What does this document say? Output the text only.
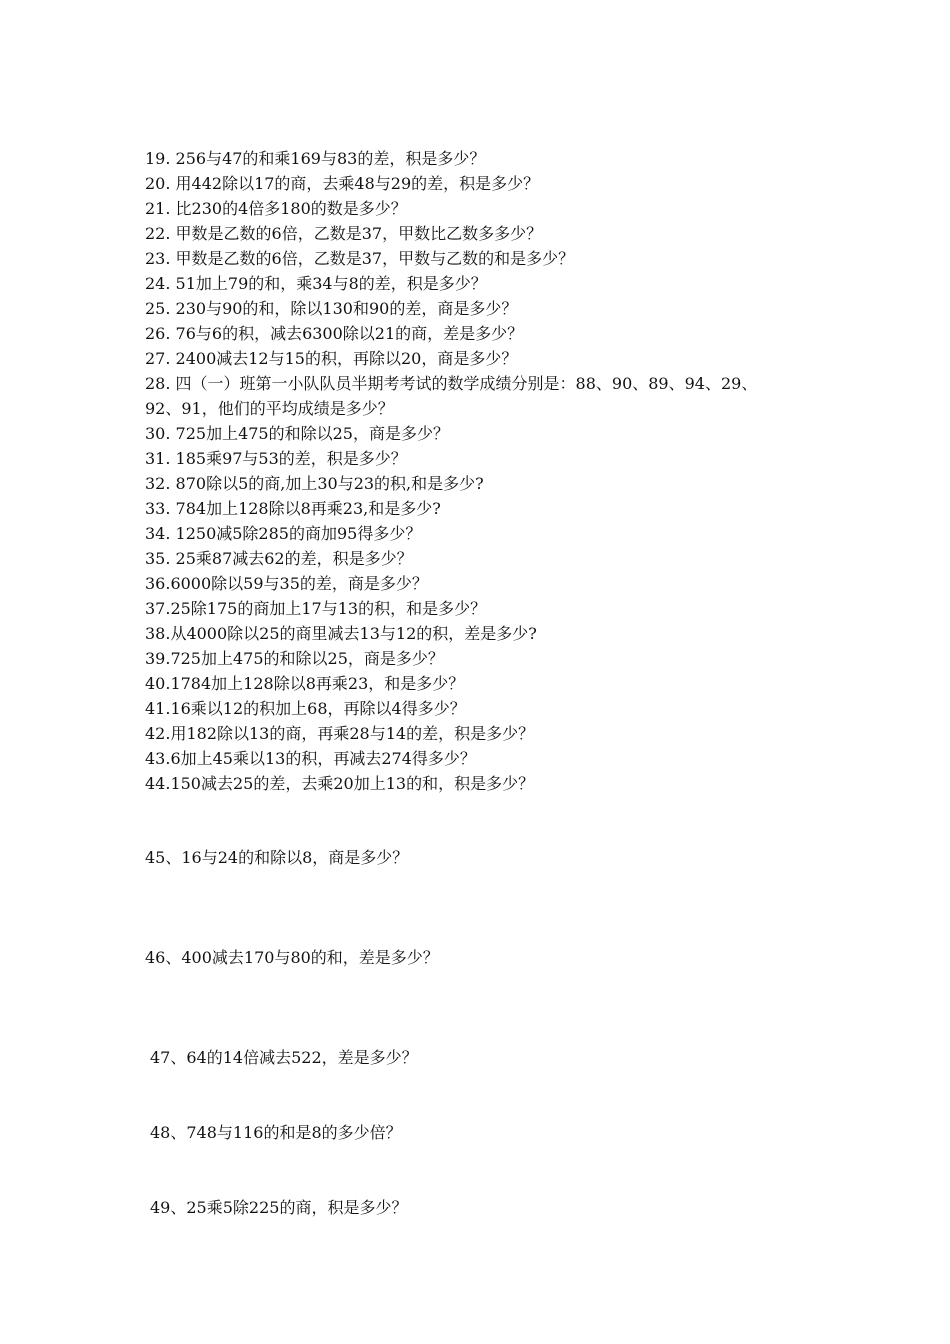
19. 256与47的和乘169与83的差，积是多少？
20. 用442除以17的商，去乘48与29的差，积是多少？
21. 比230的4倍多180的数是多少？
22. 甲数是乙数的6倍，乙数是37，甲数比乙数多多少？
23. 甲数是乙数的6倍，乙数是37，甲数与乙数的和是多少？
24. 51加上79的和，乘34与8的差，积是多少？
25. 230与90的和，除以130和90的差，商是多少？
26. 76与6的积，减去6300除以21的商，差是多少？
27. 2400减去12与15的积，再除以20，商是多少？
28. 四（一）班第一小队队员半期考考试的数学成绩分别是：88、90、89、94、29、
92、91，他们的平均成绩是多少？
30. 725加上475的和除以25，商是多少？
31. 185乘97与53的差，积是多少？
32. 870除以5的商,加上30与23的积,和是多少?
33. 784加上128除以8再乘23,和是多少?
34. 1250减5除285的商加95得多少？
35. 25乘87减去62的差，积是多少？
36.6000除以59与35的差，商是多少？
37.25除175的商加上17与13的积，和是多少？
38.从4000除以25的商里减去13与12的积，差是多少?
39.725加上475的和除以25，商是多少？
40.1784加上128除以8再乘23，和是多少？
41.16乘以12的积加上68，再除以4得多少？
42.用182除以13的商，再乘28与14的差，积是多少？
43.6加上45乘以13的积，再减去274得多少？
44.150减去25的差，去乘20加上13的和，积是多少？
45、16与24的和除以8，商是多少？
46、400减去170与80的和，差是多少？
47、64的14倍减去522，差是多少？
48、748与116的和是8的多少倍？
49、25乘5除225的商，积是多少？
